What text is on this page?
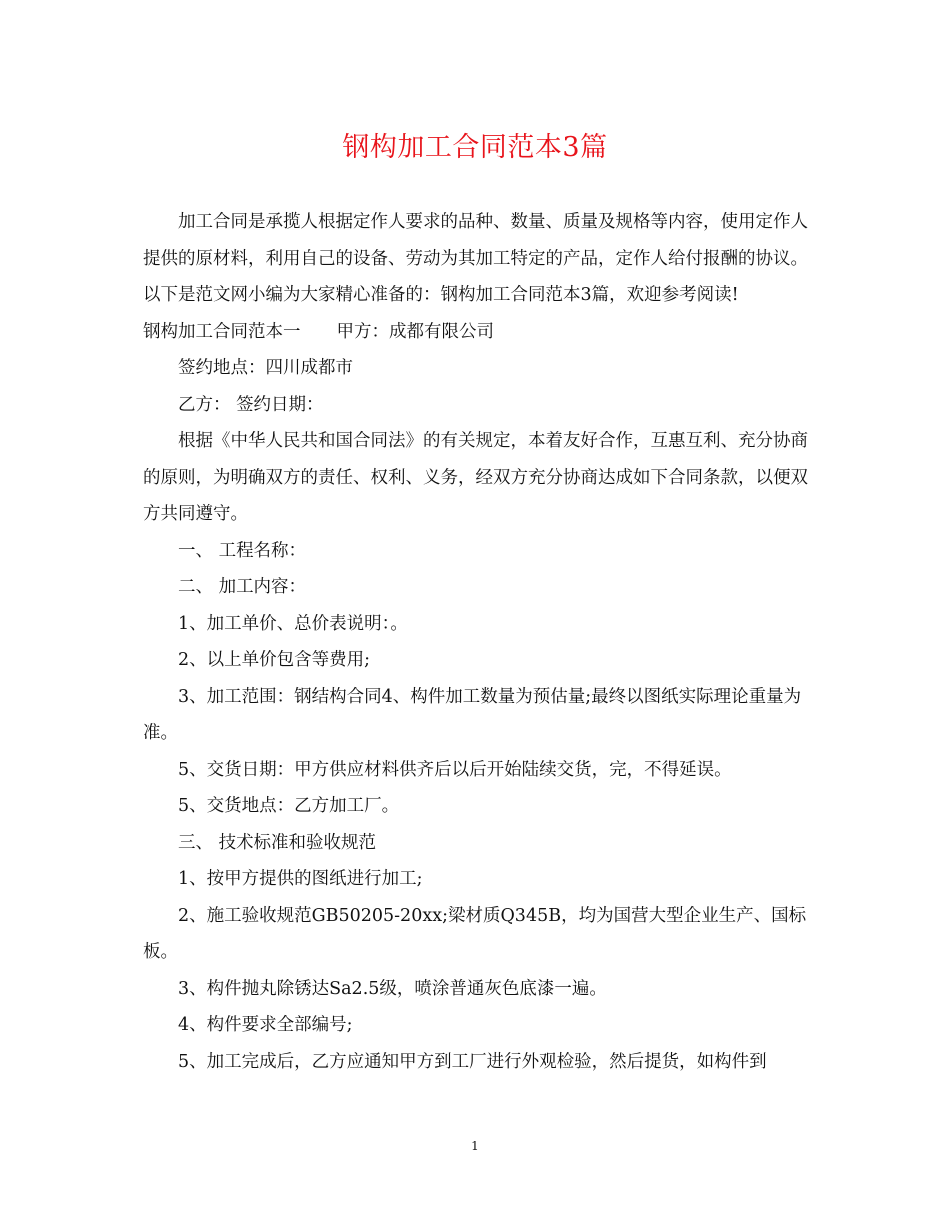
钢构加工合同范本3篇

加工合同是承揽人根据定作人要求的品种、数量、质量及规格等内容，使用定作人提供的原材料，利用自己的设备、劳动为其加工特定的产品，定作人给付报酬的协议。以下是范文网小编为大家精心准备的：钢构加工合同范本3篇，欢迎参考阅读!

钢构加工合同范本一 甲方：成都有限公司

签约地点：四川成都市

乙方： 签约日期：

根据《中华人民共和国合同法》的有关规定，本着友好合作，互惠互利、充分协商的原则，为明确双方的责任、权利、义务，经双方充分协商达成如下合同条款，以便双方共同遵守。

一、 工程名称：

二、 加工内容：

1、加工单价、总价表说明：。

2、以上单价包含等费用;

3、加工范围：钢结构合同4、构件加工数量为预估量;最终以图纸实际理论重量为准。

5、交货日期：甲方供应材料供齐后以后开始陆续交货，完，不得延误。

5、交货地点：乙方加工厂。

三、 技术标准和验收规范

1、按甲方提供的图纸进行加工;

2、施工验收规范GB50205-20xx;梁材质Q345B，均为国营大型企业生产、国标板。

3、构件抛丸除锈达Sa2.5级，喷涂普通灰色底漆一遍。

4、构件要求全部编号;

5、加工完成后，乙方应通知甲方到工厂进行外观检验，然后提货，如构件到

1
